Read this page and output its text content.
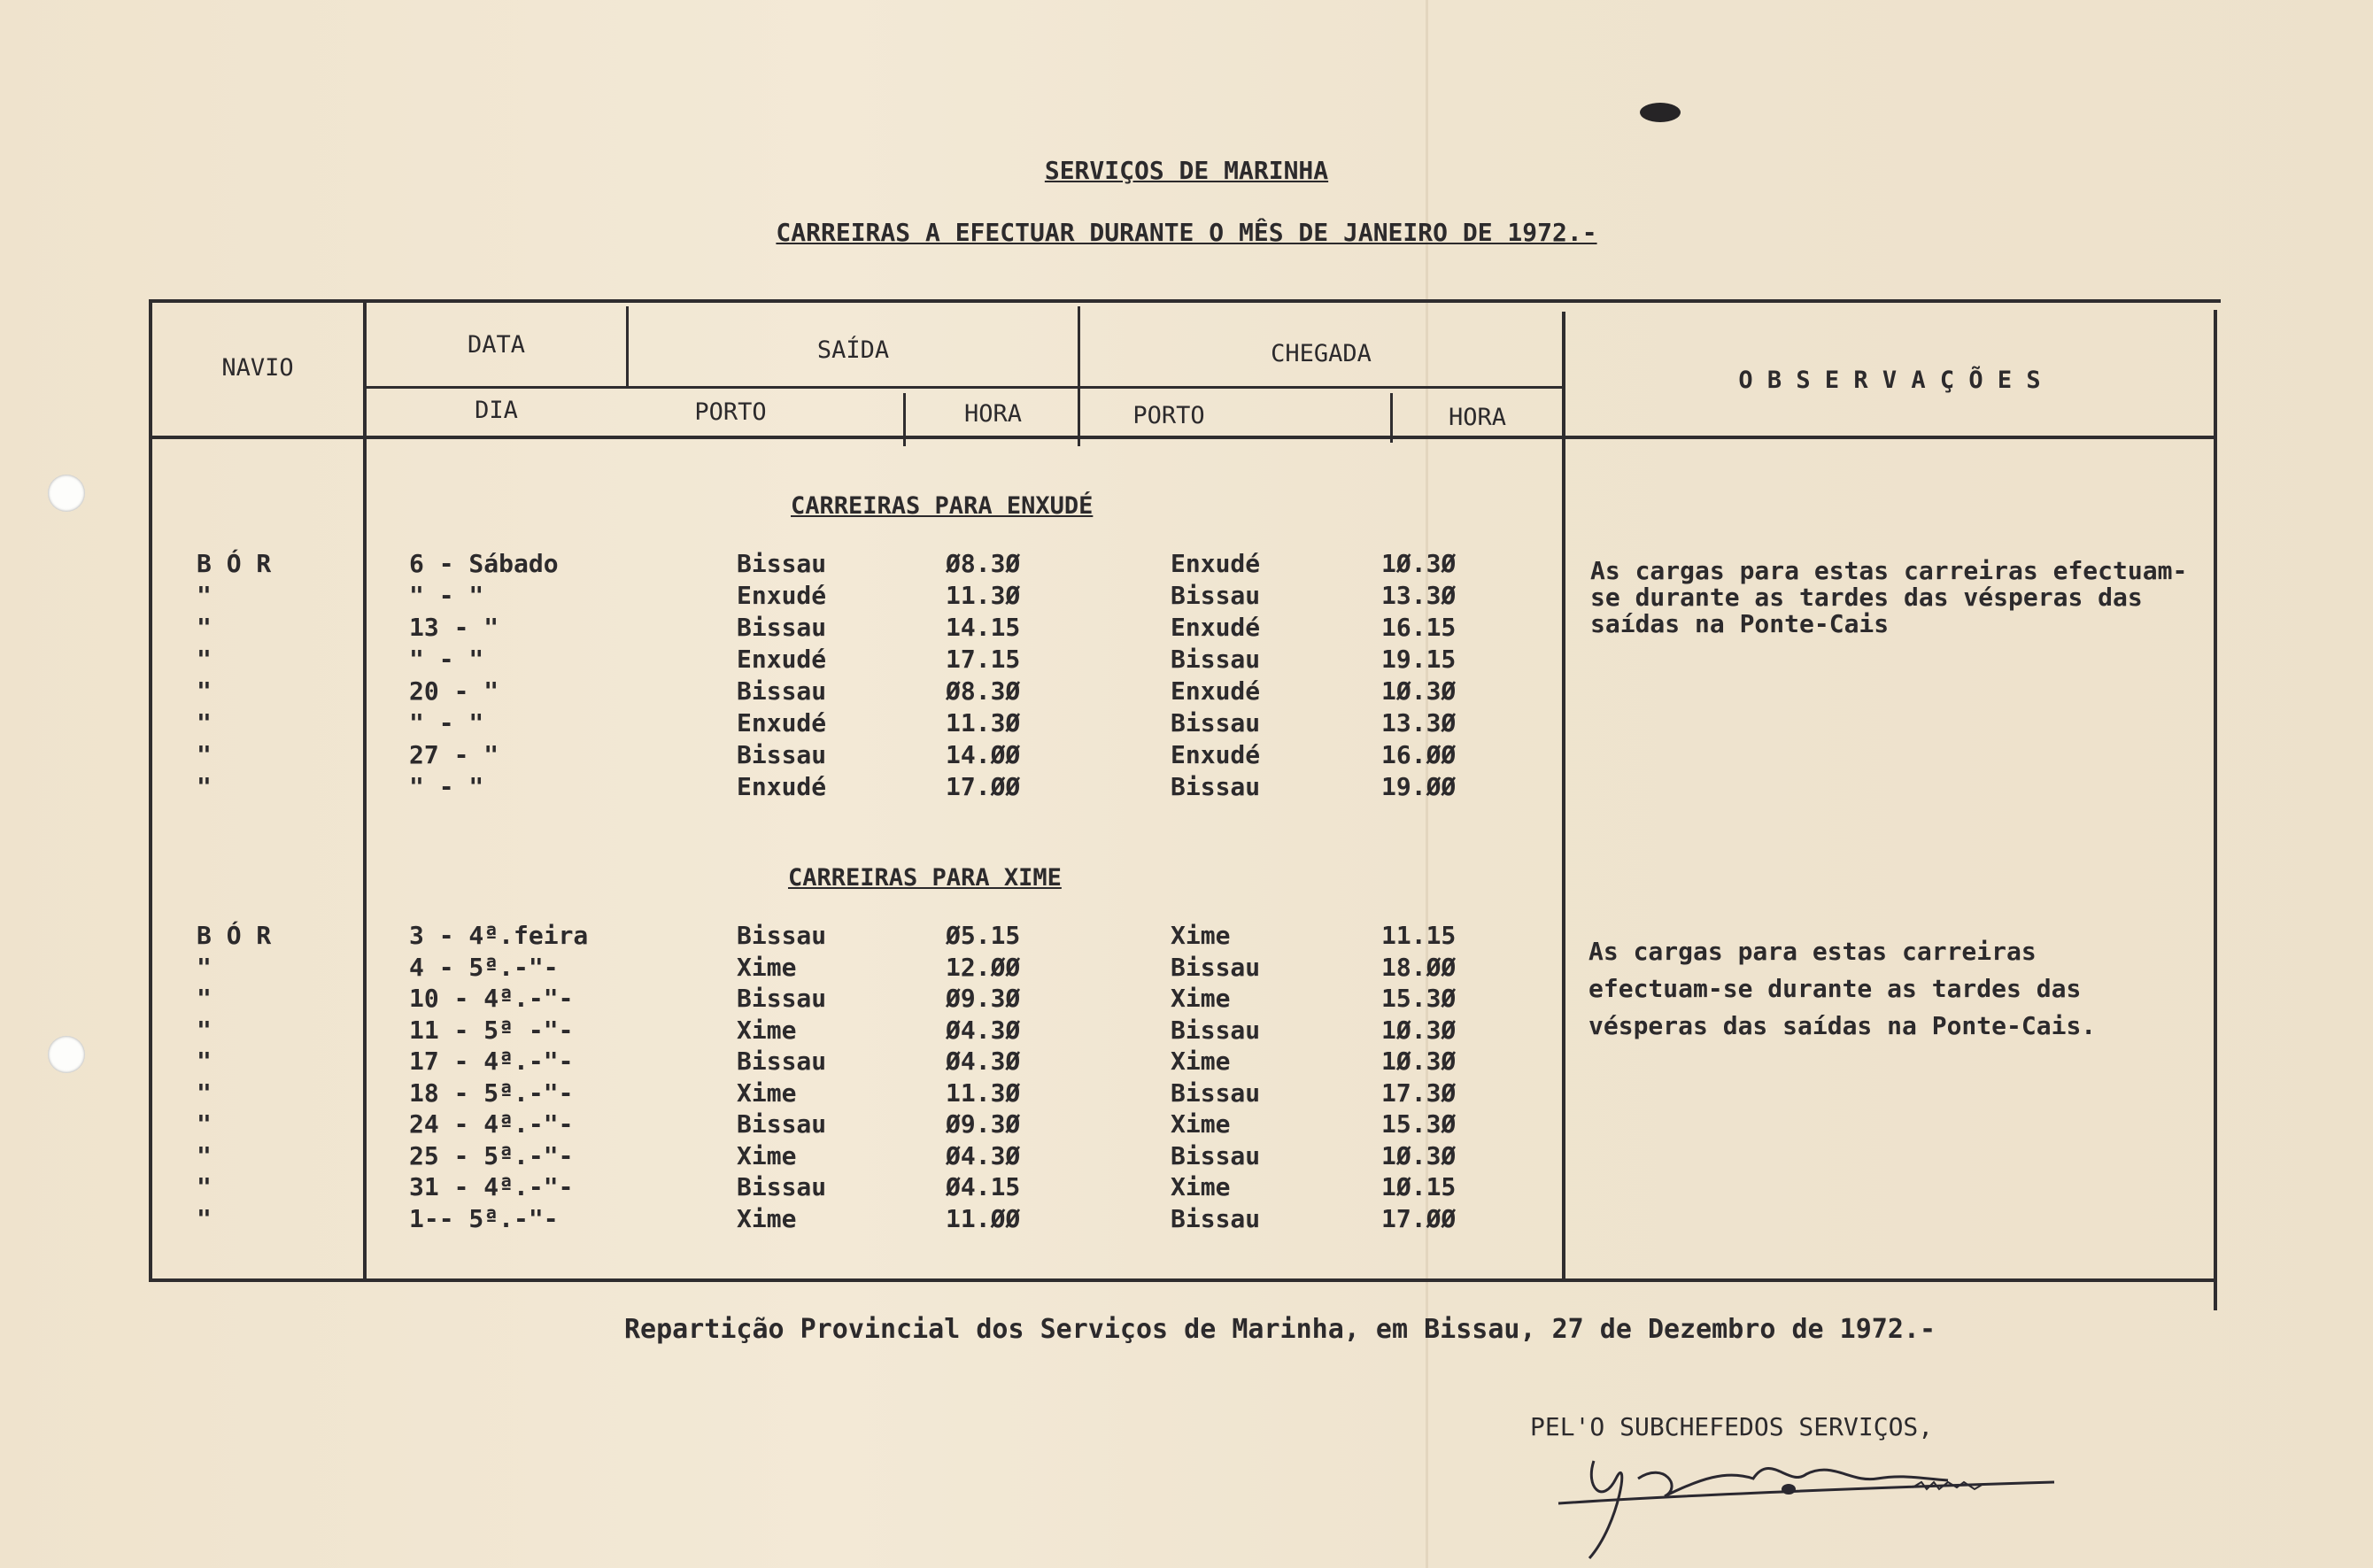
SERVIÇOS DE MARINHA
CARREIRAS A EFECTUAR DURANTE O MÊS DE JANEIRO DE 1972.-
NAVIO
DATA
DIA
SAÍDA	CHEGADA
PORTO	HORA	PORTO	HORA
O B S E R V A Ç Õ E S
CARREIRAS PARA ENXUDÉ
CARREIRAS PARA XIME
As cargas para estas carreiras efectuam-se durante as tardes das vésperas das saídas na Ponte-Cais
As cargas para estas carreiras
efectuam-se durante as tardes das
vésperas das saídas na Ponte-Cais.
B Ó R	6 - Sábado	Bissau	Ø8.3Ø	Enxudé	1Ø.3Ø
"	" - "	Enxudé	11.3Ø	Bissau	13.3Ø
"	13 - "	Bissau	14.15	Enxudé	16.15
"	" - "	Enxudé	17.15	Bissau	19.15
"	20 - "	Bissau	Ø8.3Ø	Enxudé	1Ø.3Ø
"	" - "	Enxudé	11.3Ø	Bissau	13.3Ø
"	27 - "	Bissau	14.ØØ	Enxudé	16.ØØ
"	" - "	Enxudé	17.ØØ	Bissau	19.ØØ
B Ó R	3 - 4ª.feira	Bissau	Ø5.15	Xime	11.15
"	4 - 5ª.-"-	Xime	12.ØØ	Bissau	18.ØØ
"	10 - 4ª.-"-	Bissau	Ø9.3Ø	Xime	15.3Ø
"	11 - 5ª -"-	Xime	Ø4.3Ø	Bissau	1Ø.3Ø
"	17 - 4ª.-"-	Bissau	Ø4.3Ø	Xime	1Ø.3Ø
"	18 - 5ª.-"-	Xime	11.3Ø	Bissau	17.3Ø
"	24 - 4ª.-"-	Bissau	Ø9.3Ø	Xime	15.3Ø
"	25 - 5ª.-"-	Xime	Ø4.3Ø	Bissau	1Ø.3Ø
"	31 - 4ª.-"-	Bissau	Ø4.15	Xime	1Ø.15
"	1-- 5ª.-"-	Xime	11.ØØ	Bissau	17.ØØ
Repartição Provincial dos Serviços de Marinha, em Bissau, 27 de Dezembro de 1972.-
PEL'O SUBCHEFEDOS SERVIÇOS,
